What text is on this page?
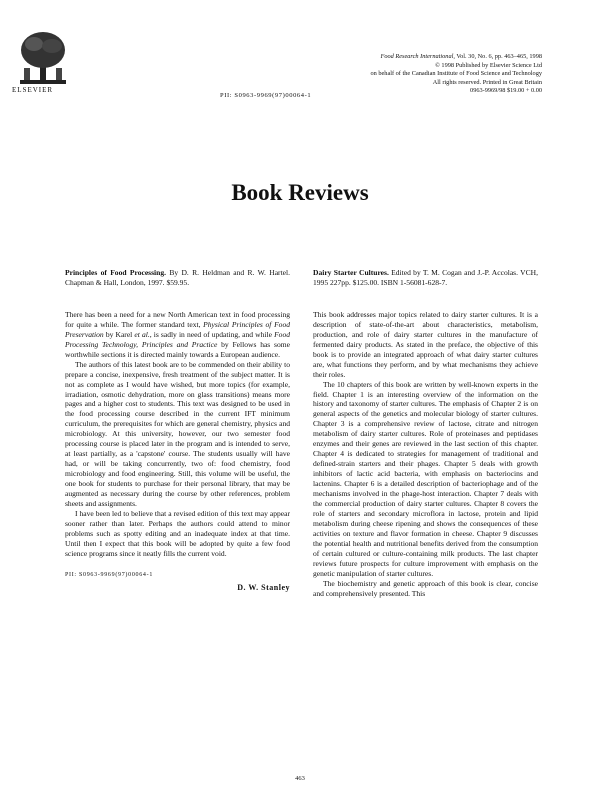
ELSEVIER
PII: S0963-9969(97)00064-1
Food Research International, Vol. 30, No. 6, pp. 463–465, 1998
© 1998 Published by Elsevier Science Ltd
on behalf of the Canadian Institute of Food Science and Technology
All rights reserved. Printed in Great Britain
0963-9969/98 $19.00 + 0.00
Book Reviews

Principles of Food Processing. By D. R. Heldman and R. W. Hartel. Chapman & Hall, London, 1997. $59.95.

There has been a need for a new North American text in food processing for quite a while. The former standard text, Physical Principles of Food Preservation by Karel et al., is sadly in need of updating, and while Food Processing Technology, Principles and Practice by Fellows has some worthwhile sections it is directed mainly towards a European audience.

The authors of this latest book are to be commended on their ability to prepare a concise, inexpensive, fresh treatment of the subject matter. It is not as complete as I would have wished, but more topics (for example, irradiation, osmotic dehydration, more on glass transitions) means more pages and a higher cost to students. This text was designed to be used in the food processing course described in the current IFT minimum curriculum, the prerequisites for which are general chemistry, physics and microbiology. At this university, however, our two semester food processing course is placed later in the program and is intended to serve, at least partially, as a 'capstone' course. The students usually will have had, or will be taking concurrently, two of: food chemistry, food microbiology and food engineering. Still, this volume will be useful, the one book for students to purchase for their personal library, that may be augmented as necessary during the course by other references, problem sheets and assignments.

I have been led to believe that a revised edition of this text may appear sooner rather than later. Perhaps the authors could attend to minor problems such as spotty editing and an inadequate index at that time. Until then I expect that this book will be adopted by quite a few food science programs since it neatly fills the current void.

PII: S0963-9969(97)00064-1
D. W. Stanley

Dairy Starter Cultures. Edited by T. M. Cogan and J.-P. Accolas. VCH, 1995 227pp. $125.00. ISBN 1-56081-628-7.

This book addresses major topics related to dairy starter cultures. It is a description of state-of-the-art about characteristics, metabolism, production, and role of dairy starter cultures in the manufacture of fermented dairy products. As stated in the preface, the objective of this book is to provide an integrated approach of what dairy starter cultures are, what functions they perform, and by what mechanisms they achieve their roles.

The 10 chapters of this book are written by well-known experts in the field. Chapter 1 is an interesting overview of the information on the history and taxonomy of starter cultures. The emphasis of Chapter 2 is on general aspects of the genetics and molecular biology of starter cultures. Chapter 3 is a comprehensive review of lactose, citrate and nitrogen metabolism of dairy starter cultures. Role of proteinases and peptidases enzymes and their genes are reviewed in the last section of this chapter. Chapter 4 is dedicated to strategies for management of traditional and defined-strain starters and their phages. Chapter 5 deals with growth inhibitors of lactic acid bacteria, with emphasis on bacteriocins and lactenins. Chapter 6 is a detailed description of bacteriophage and of the mechanisms involved in the phage-host interaction. Chapter 7 deals with the commercial production of dairy starter cultures. Chapter 8 covers the role of starters and secondary microflora in lactose, protein and lipid metabolism during cheese ripening and shows the consequences of these activities on texture and flavor formation in cheese. Chapter 9 discusses the potential health and nutritional benefits derived from the consumption of certain cultured or culture-containing milk products. The last chapter reviews future prospects for culture improvement with emphasis on the genetic manipulation of starter cultures.

The biochemistry and genetic approach of this book is clear, concise and comprehensively presented. This

463
